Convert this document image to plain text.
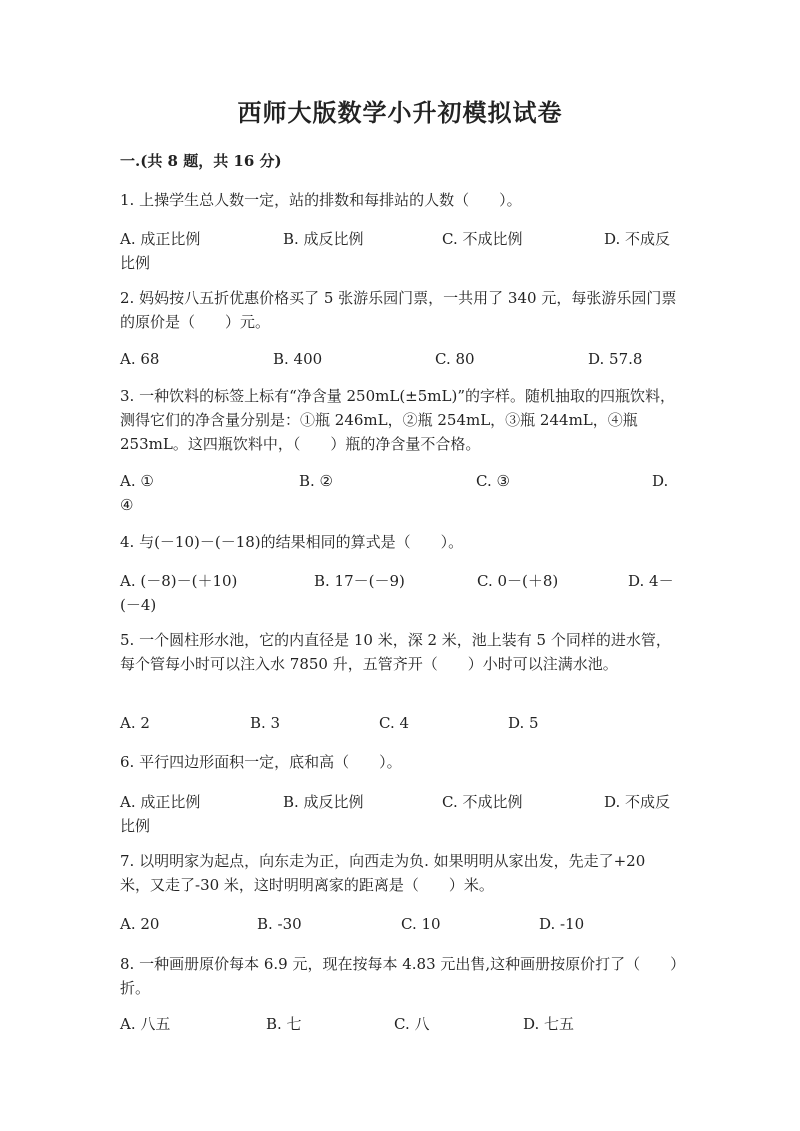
西师大版数学小升初模拟试卷
一.(共 8 题，共 16 分)
1. 上操学生总人数一定，站的排数和每排站的人数（　　）。
A. 成正比例	B. 成反比例	C. 不成比例	D. 不成反比例
2. 妈妈按八五折优惠价格买了 5 张游乐园门票，一共用了 340 元，每张游乐园门票的原价是（　　）元。
A. 68	B. 400	C. 80	D. 57.8
3. 一种饮料的标签上标有“净含量 250mL(±5mL)”的字样。随机抽取的四瓶饮料，测得它们的净含量分别是：①瓶 246mL，②瓶 254mL，③瓶 244mL，④瓶 253mL。这四瓶饮料中，（　　）瓶的净含量不合格。
A. ①	B. ②	C. ③	D. ④
4. 与(－10)－(－18)的结果相同的算式是（　　）。
A. (－8)－(＋10)	B. 17－(－9)	C. 0－(＋8)	D. 4－(－4)
5. 一个圆柱形水池，它的内直径是 10 米，深 2 米，池上装有 5 个同样的进水管，每个管每小时可以注入水 7850 升，五管齐开（　　）小时可以注满水池。
A. 2	B. 3	C. 4	D. 5
6. 平行四边形面积一定，底和高（　　）。
A. 成正比例	B. 成反比例	C. 不成比例	D. 不成反比例
7. 以明明家为起点，向东走为正，向西走为负. 如果明明从家出发，先走了+20 米，又走了-30 米，这时明明离家的距离是（　　）米。
A. 20	B. -30	C. 10	D. -10
8. 一种画册原价每本 6.9 元，现在按每本 4.83 元出售,这种画册按原价打了（　　）折。
A. 八五	B. 七	C. 八	D. 七五
